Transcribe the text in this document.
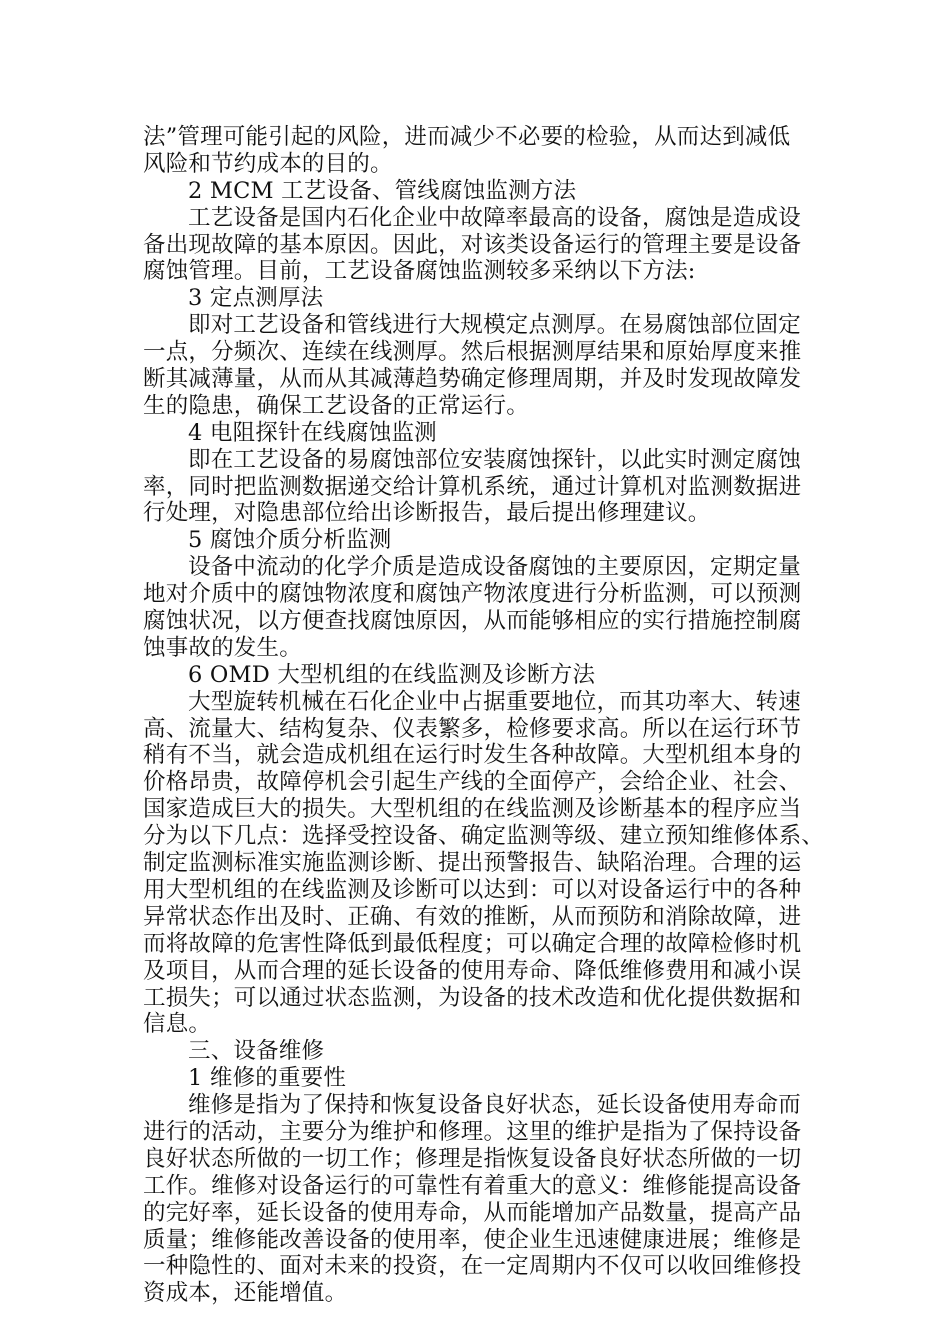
法”管理可能引起的风险，进而减少不必要的检验，从而达到减低
风险和节约成本的目的。
2 MCM 工艺设备、管线腐蚀监测方法
工艺设备是国内石化企业中故障率最高的设备，腐蚀是造成设
备出现故障的基本原因。因此，对该类设备运行的管理主要是设备
腐蚀管理。目前，工艺设备腐蚀监测较多采纳以下方法:
3 定点测厚法
即对工艺设备和管线进行大规模定点测厚。在易腐蚀部位固定
一点，分频次、连续在线测厚。然后根据测厚结果和原始厚度来推
断其减薄量，从而从其减薄趋势确定修理周期，并及时发现故障发
生的隐患，确保工艺设备的正常运行。
4 电阻探针在线腐蚀监测
即在工艺设备的易腐蚀部位安装腐蚀探针，以此实时测定腐蚀
率，同时把监测数据递交给计算机系统，通过计算机对监测数据进
行处理，对隐患部位给出诊断报告，最后提出修理建议。
5 腐蚀介质分析监测
设备中流动的化学介质是造成设备腐蚀的主要原因，定期定量
地对介质中的腐蚀物浓度和腐蚀产物浓度进行分析监测，可以预测
腐蚀状况，以方便查找腐蚀原因，从而能够相应的实行措施控制腐
蚀事故的发生。
6 OMD 大型机组的在线监测及诊断方法
大型旋转机械在石化企业中占据重要地位，而其功率大、转速
高、流量大、结构复杂、仪表繁多，检修要求高。所以在运行环节
稍有不当，就会造成机组在运行时发生各种故障。大型机组本身的
价格昂贵，故障停机会引起生产线的全面停产，会给企业、社会、
国家造成巨大的损失。大型机组的在线监测及诊断基本的程序应当
分为以下几点：选择受控设备、确定监测等级、建立预知维修体系、
制定监测标准实施监测诊断、提出预警报告、缺陷治理。合理的运
用大型机组的在线监测及诊断可以达到：可以对设备运行中的各种
异常状态作出及时、正确、有效的推断，从而预防和消除故障，进
而将故障的危害性降低到最低程度；可以确定合理的故障检修时机
及项目，从而合理的延长设备的使用寿命、降低维修费用和减小误
工损失；可以通过状态监测，为设备的技术改造和优化提供数据和
信息。
三、设备维修
1 维修的重要性
维修是指为了保持和恢复设备良好状态，延长设备使用寿命而
进行的活动，主要分为维护和修理。这里的维护是指为了保持设备
良好状态所做的一切工作；修理是指恢复设备良好状态所做的一切
工作。维修对设备运行的可靠性有着重大的意义：维修能提高设备
的完好率，延长设备的使用寿命，从而能增加产品数量，提高产品
质量；维修能改善设备的使用率，使企业生迅速健康进展；维修是
一种隐性的、面对未来的投资，在一定周期内不仅可以收回维修投
资成本，还能增值。
